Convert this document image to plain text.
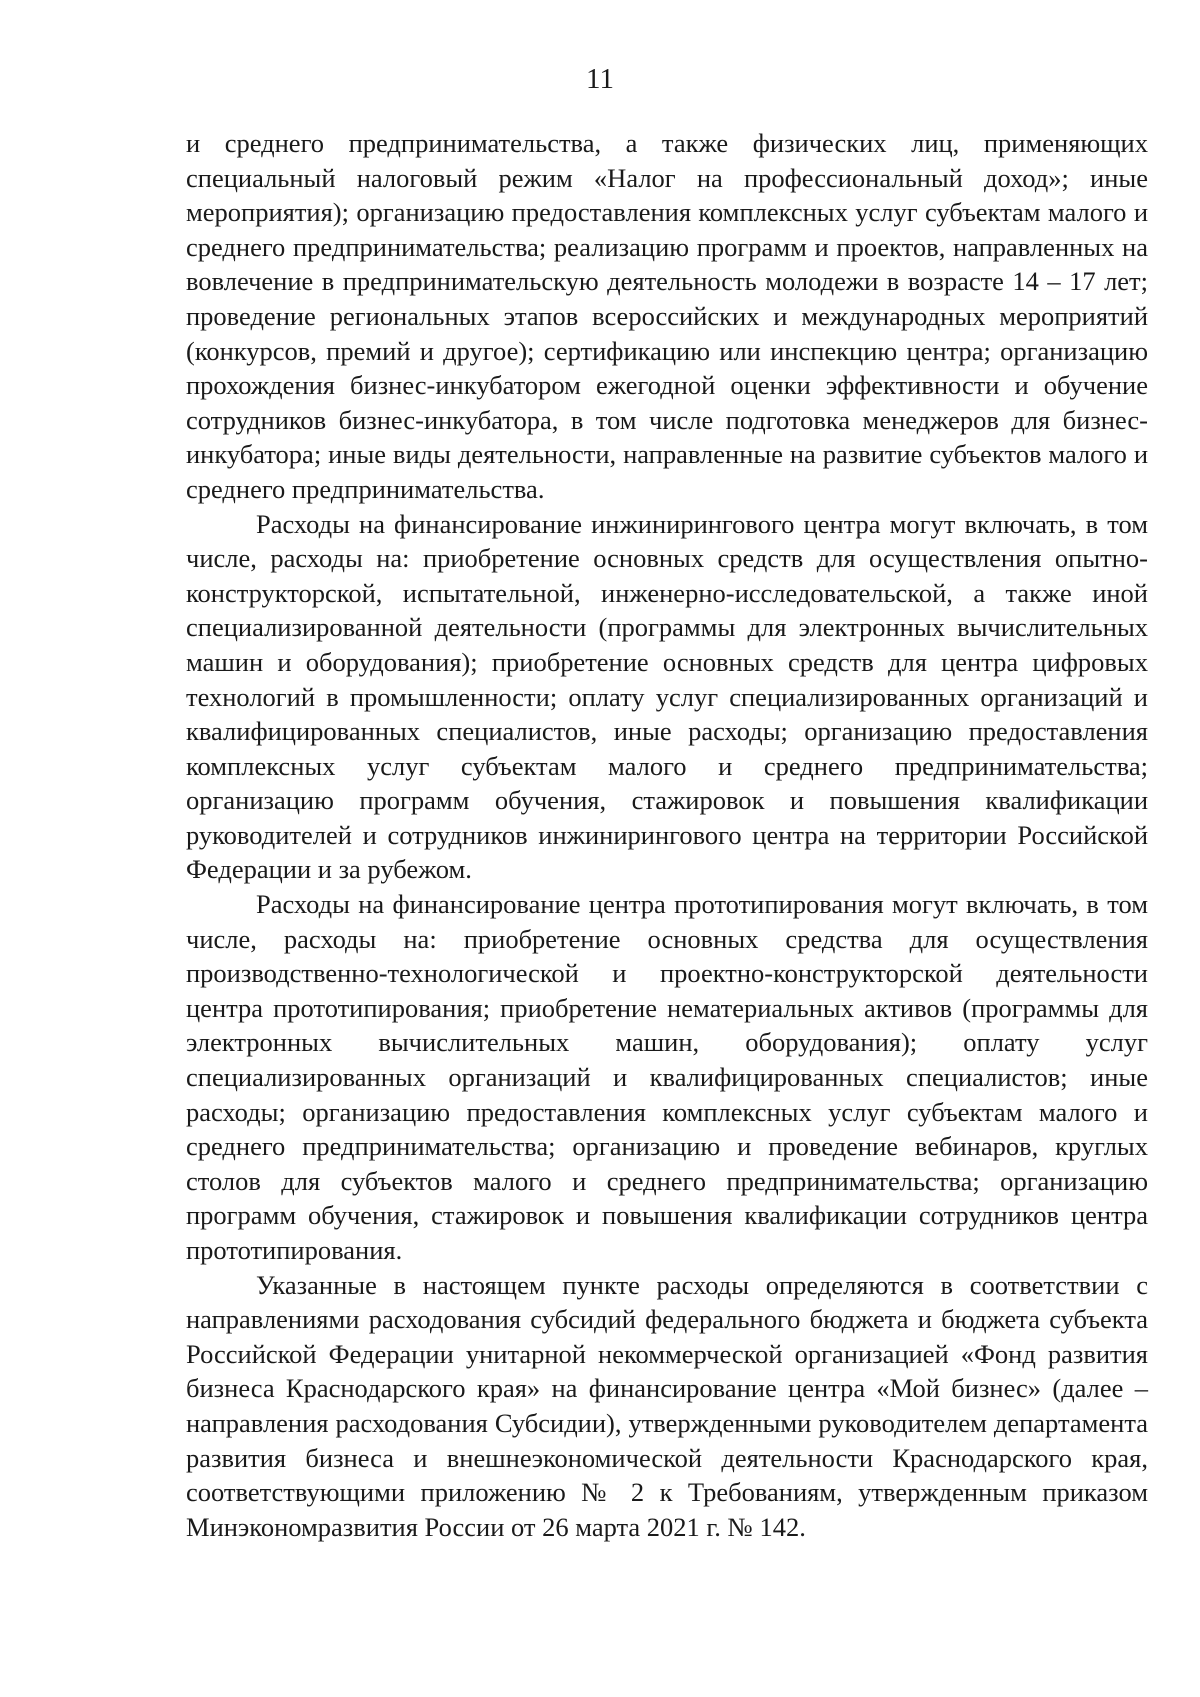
11

и среднего предпринимательства, а также физических лиц, применяющих специальный налоговый режим «Налог на профессиональный доход»; иные мероприятия); организацию предоставления комплексных услуг субъектам малого и среднего предпринимательства; реализацию программ и проектов, направленных на вовлечение в предпринимательскую деятельность молодежи в возрасте 14 – 17 лет; проведение региональных этапов всероссийских и международных мероприятий (конкурсов, премий и другое); сертификацию или инспекцию центра; организацию прохождения бизнес-инкубатором ежегодной оценки эффективности и обучение сотрудников бизнес-инкубатора, в том числе подготовка менеджеров для бизнес-инкубатора; иные виды деятельности, направленные на развитие субъектов малого и среднего предпринимательства.

Расходы на финансирование инжинирингового центра могут включать, в том числе, расходы на: приобретение основных средств для осуществления опытно-конструкторской, испытательной, инженерно-исследовательской, а также иной специализированной деятельности (программы для электронных вычислительных машин и оборудования); приобретение основных средств для центра цифровых технологий в промышленности; оплату услуг специализированных организаций и квалифицированных специалистов, иные расходы; организацию предоставления комплексных услуг субъектам малого и среднего предпринимательства; организацию программ обучения, стажировок и повышения квалификации руководителей и сотрудников инжинирингового центра на территории Российской Федерации и за рубежом.

Расходы на финансирование центра прототипирования могут включать, в том числе, расходы на: приобретение основных средства для осуществления производственно-технологической и проектно-конструкторской деятельности центра прототипирования; приобретение нематериальных активов (программы для электронных вычислительных машин, оборудования); оплату услуг специализированных организаций и квалифицированных специалистов; иные расходы; организацию предоставления комплексных услуг субъектам малого и среднего предпринимательства; организацию и проведение вебинаров, круглых столов для субъектов малого и среднего предпринимательства; организацию программ обучения, стажировок и повышения квалификации сотрудников центра прототипирования.

Указанные в настоящем пункте расходы определяются в соответствии с направлениями расходования субсидий федерального бюджета и бюджета субъекта Российской Федерации унитарной некоммерческой организацией «Фонд развития бизнеса Краснодарского края» на финансирование центра «Мой бизнес» (далее – направления расходования Субсидии), утвержденными руководителем департамента развития бизнеса и внешнеэкономической деятельности Краснодарского края, соответствующими приложению № 2 к Требованиям, утвержденным приказом Минэкономразвития России от 26 марта 2021 г. № 142.
